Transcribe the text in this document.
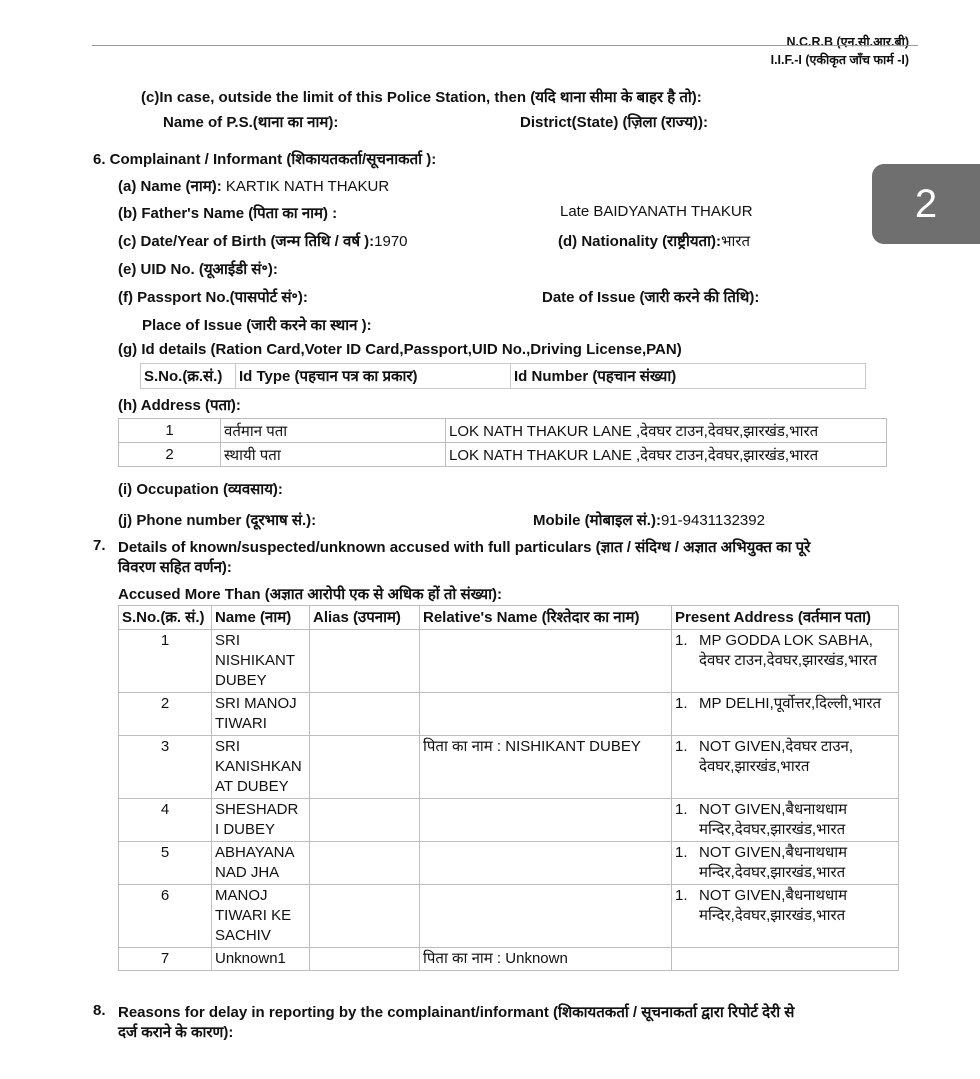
N.C.R.B (एन.सी.आर.बी)
I.I.F.-I (एकीकृत जाँच फार्म -I)
2
(c)In case, outside the limit of this Police Station, then (यदि थाना सीमा के बाहर है तो):
Name of P.S.(थाना का नाम):	District(State) (ज़िला (राज्य)):
6. Complainant / Informant (शिकायतकर्ता/सूचनाकर्ता ):
(a) Name (नाम): KARTIK NATH THAKUR
(b) Father's Name (पिता का नाम) :	Late BAIDYANATH THAKUR
(c) Date/Year of Birth (जन्म तिथि / वर्ष ):1970	(d) Nationality (राष्ट्रीयता):भारत
(e) UID No. (यूआईडी सं॰):
(f) Passport No.(पासपोर्ट सं॰):	Date of Issue (जारी करने की तिथि):
Place of Issue (जारी करने का स्थान ):
(g) Id details (Ration Card,Voter ID Card,Passport,UID No.,Driving License,PAN)
S.No.(क्र.सं.)	Id Type (पहचान पत्र का प्रकार)	Id Number (पहचान संख्या)
(h) Address (पता):
1	वर्तमान पता	LOK NATH THAKUR LANE ,देवघर टाउन,देवघर,झारखंड,भारत
2	स्थायी पता	LOK NATH THAKUR LANE ,देवघर टाउन,देवघर,झारखंड,भारत
(i) Occupation (व्यवसाय):
(j) Phone number (दूरभाष सं.):	Mobile (मोबाइल सं.):91-9431132392
7. Details of known/suspected/unknown accused with full particulars (ज्ञात / संदिग्ध / अज्ञात अभियुक्त का पूरे
विवरण सहित वर्णन):
Accused More Than (अज्ञात आरोपी एक से अधिक हों तो संख्या):
S.No.(क्र. सं.)	Name (नाम)	Alias (उपनाम)	Relative's Name (रिश्तेदार का नाम)	Present Address (वर्तमान पता)
1	SRI NISHIKANT DUBEY			1. MP GODDA LOK SABHA, देवघर टाउन,देवघर,झारखंड,भारत

2	SRI MANOJ TIWARI			1. MP DELHI,पूर्वोत्तर,दिल्ली,भारत

3	SRI KANISHKAN AT DUBEY		पिता का नाम : NISHIKANT DUBEY	1. NOT GIVEN,देवघर टाउन, देवघर,झारखंड,भारत

4	SHESHADR I DUBEY			1. NOT GIVEN,बैधनाथधाम मन्दिर,देवघर,झारखंड,भारत

5	ABHAYANA NAD JHA			1. NOT GIVEN,बैधनाथधाम मन्दिर,देवघर,झारखंड,भारत

6	MANOJ TIWARI KE SACHIV			1. NOT GIVEN,बैधनाथधाम मन्दिर,देवघर,झारखंड,भारत

7	Unknown1		पिता का नाम : Unknown	
8. Reasons for delay in reporting by the complainant/informant (शिकायतकर्ता / सूचनाकर्ता द्वारा रिपोर्ट देरी से
दर्ज कराने के कारण):
